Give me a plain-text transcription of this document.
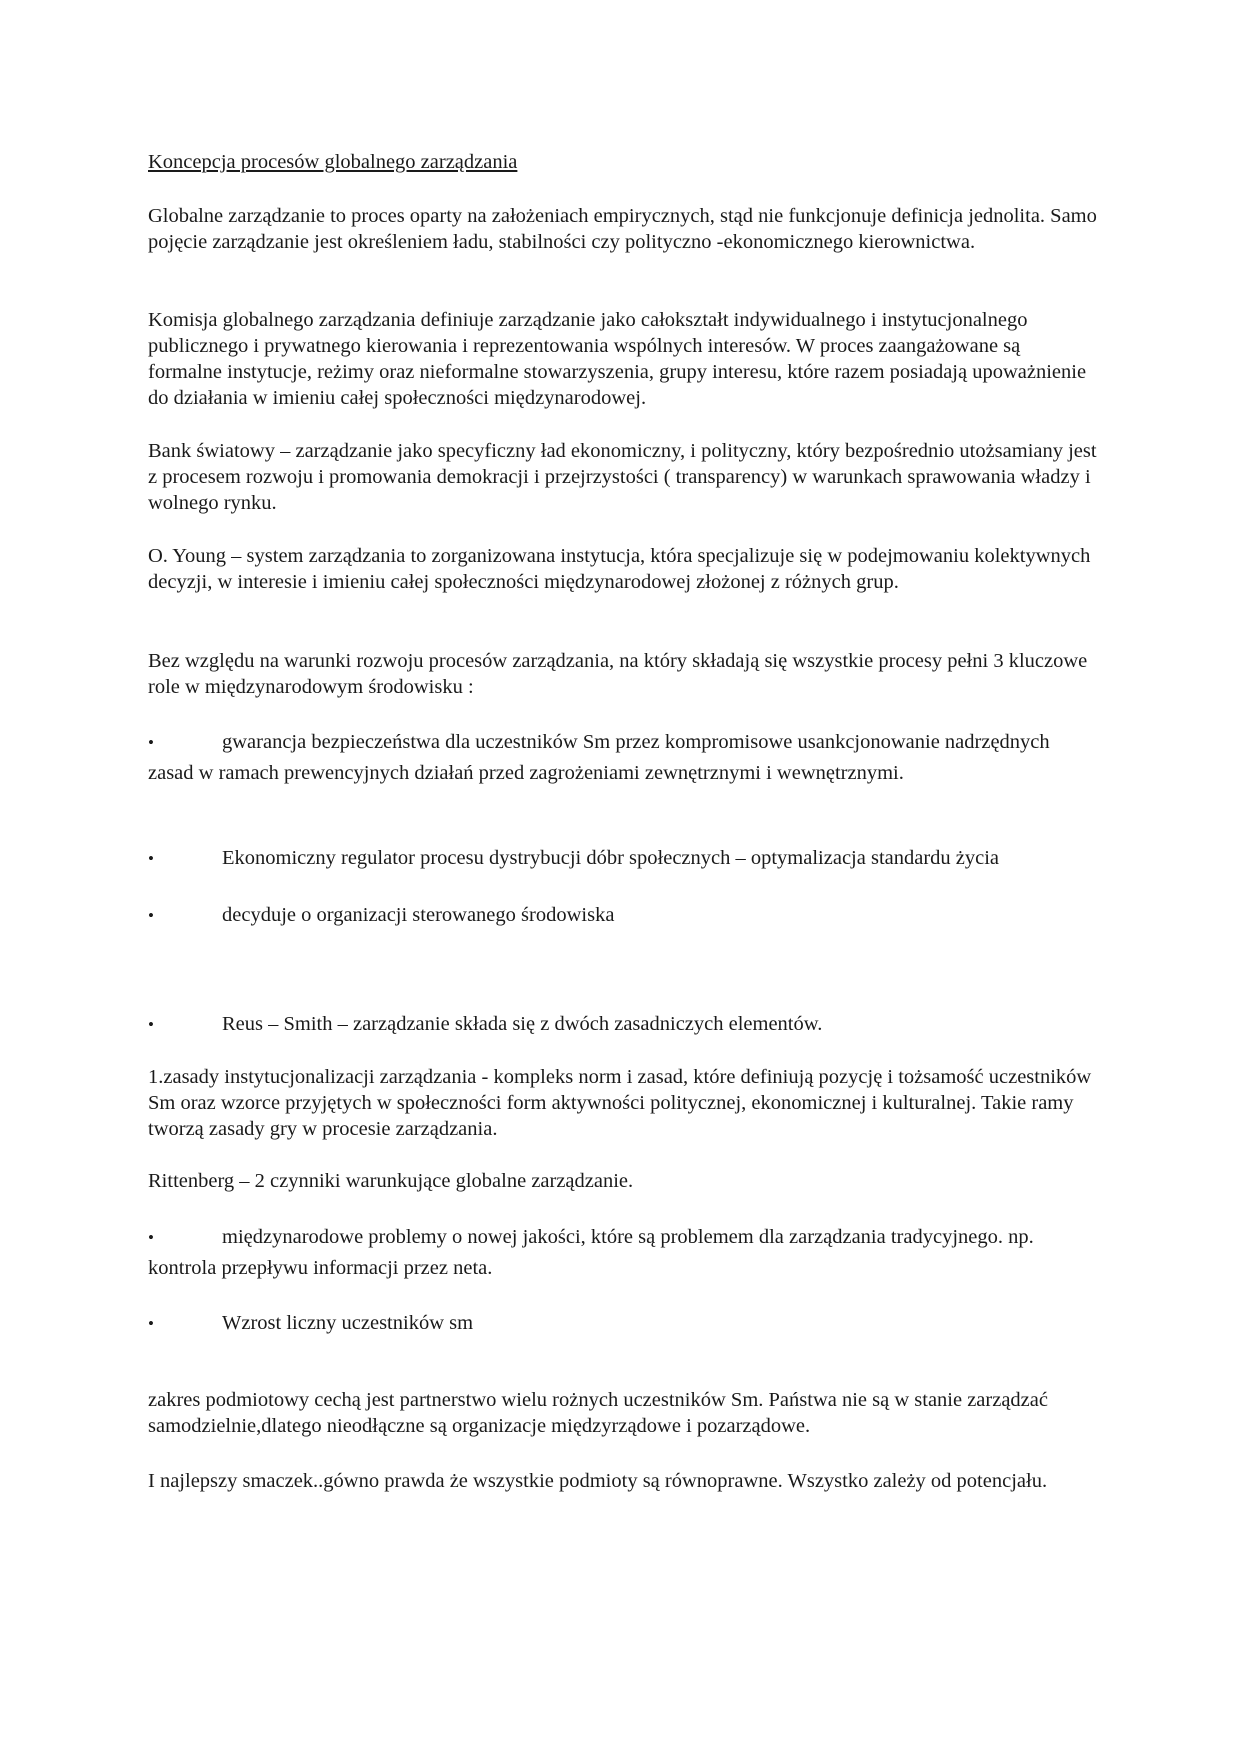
Koncepcja procesów globalnego zarządzania

Globalne zarządzanie to proces oparty na założeniach empirycznych, stąd nie funkcjonuje definicja jednolita. Samo pojęcie zarządzanie jest określeniem ładu, stabilności czy polityczno -ekonomicznego kierownictwa.

Komisja globalnego zarządzania definiuje zarządzanie jako całokształt indywidualnego i instytucjonalnego publicznego i prywatnego kierowania i reprezentowania wspólnych interesów. W proces zaangażowane są formalne instytucje, reżimy oraz nieformalne stowarzyszenia, grupy interesu, które razem posiadają upoważnienie do działania w imieniu całej społeczności międzynarodowej.

Bank światowy – zarządzanie jako specyficzny ład ekonomiczny, i polityczny, który bezpośrednio utożsamiany jest z procesem rozwoju i promowania demokracji i przejrzystości ( transparency) w warunkach sprawowania władzy i wolnego rynku.

O. Young – system zarządzania to zorganizowana instytucja, która specjalizuje się w podejmowaniu kolektywnych decyzji, w interesie i imieniu całej społeczności międzynarodowej złożonej z różnych grup.

Bez względu na warunki rozwoju procesów zarządzania, na który składają się wszystkie procesy pełni 3 kluczowe role w międzynarodowym środowisku :

•	gwarancja bezpieczeństwa dla uczestników Sm przez kompromisowe usankcjonowanie nadrzędnych zasad w ramach prewencyjnych działań przed zagrożeniami zewnętrznymi i wewnętrznymi.
•	Ekonomiczny regulator procesu dystrybucji dóbr społecznych – optymalizacja standardu życia
•	decyduje o organizacji sterowanego środowiska
•	Reus – Smith – zarządzanie składa się z dwóch zasadniczych elementów.

1.zasady instytucjonalizacji zarządzania - kompleks norm i zasad, które definiują pozycję i tożsamość uczestników Sm oraz wzorce przyjętych w społeczności form aktywności politycznej, ekonomicznej i kulturalnej. Takie ramy tworzą zasady gry w procesie zarządzania.

Rittenberg – 2 czynniki warunkujące globalne zarządzanie.

•	międzynarodowe problemy o nowej jakości, które są problemem dla zarządzania tradycyjnego. np. kontrola przepływu informacji przez neta.
•	Wzrost liczny uczestników sm

zakres podmiotowy cechą jest partnerstwo wielu rożnych uczestników Sm. Państwa nie są w stanie zarządzać samodzielnie,dlatego nieodłączne są organizacje międzyrządowe i pozarządowe.

I najlepszy smaczek..gówno prawda że wszystkie podmioty są równoprawne. Wszystko zależy od potencjału.
